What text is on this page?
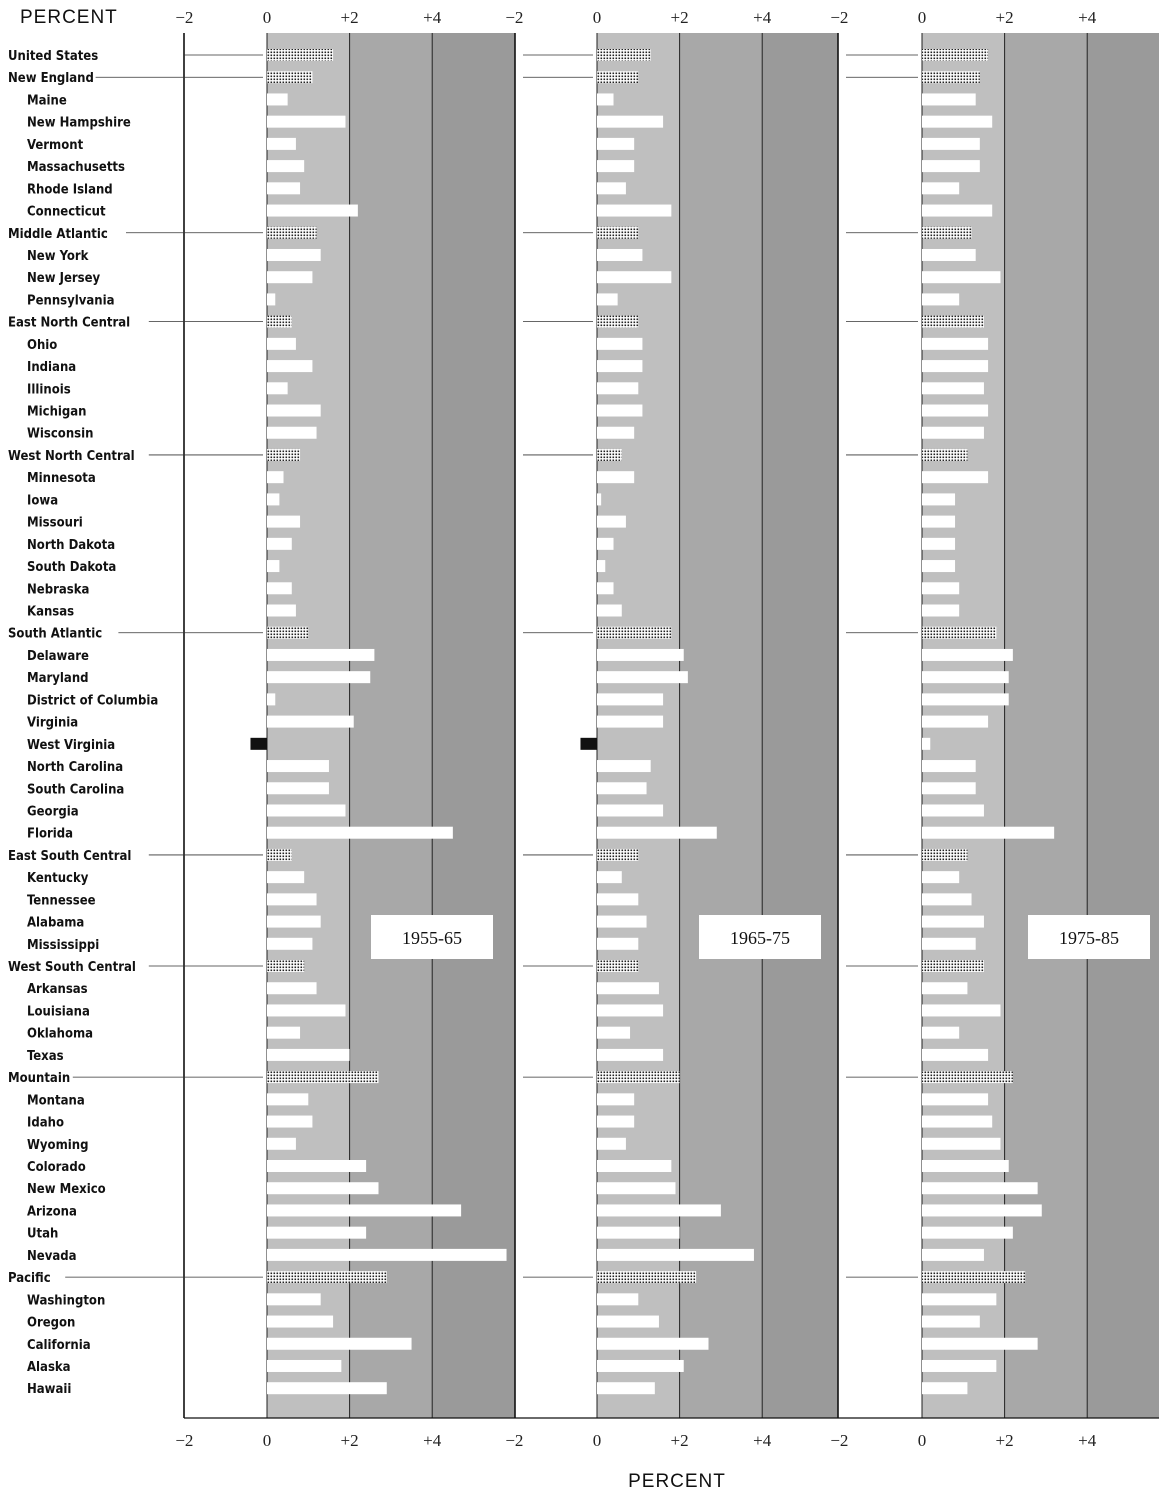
1955-65	1965-75	1975-85
United States
New England
Maine
New Hampshire
Vermont
Massachusetts
Rhode Island
Connecticut
Middle Atlantic
New York
New Jersey
Pennsylvania
East North Central
Ohio
Indiana
Illinois
Michigan
Wisconsin
West North Central
Minnesota
Iowa
Missouri
North Dakota
South Dakota
Nebraska
Kansas
South Atlantic
Delaware
Maryland
District of Columbia
Virginia
West Virginia
North Carolina
South Carolina
Georgia
Florida
East South Central
Kentucky
Tennessee
Alabama
Mississippi
West South Central
Arkansas
Louisiana
Oklahoma
Texas
Mountain
Montana
Idaho
Wyoming
Colorado
New Mexico
Arizona
Utah
Nevada
Pacific
Washington
Oregon
California
Alaska
Hawaii
−2
−2
0
0
+2
+2
+4
+4
−2
−2
0
0
+2
+2
+4
+4
−2
−2
0
0
+2
+2
+4
+4
PERCENT
PERCENT
